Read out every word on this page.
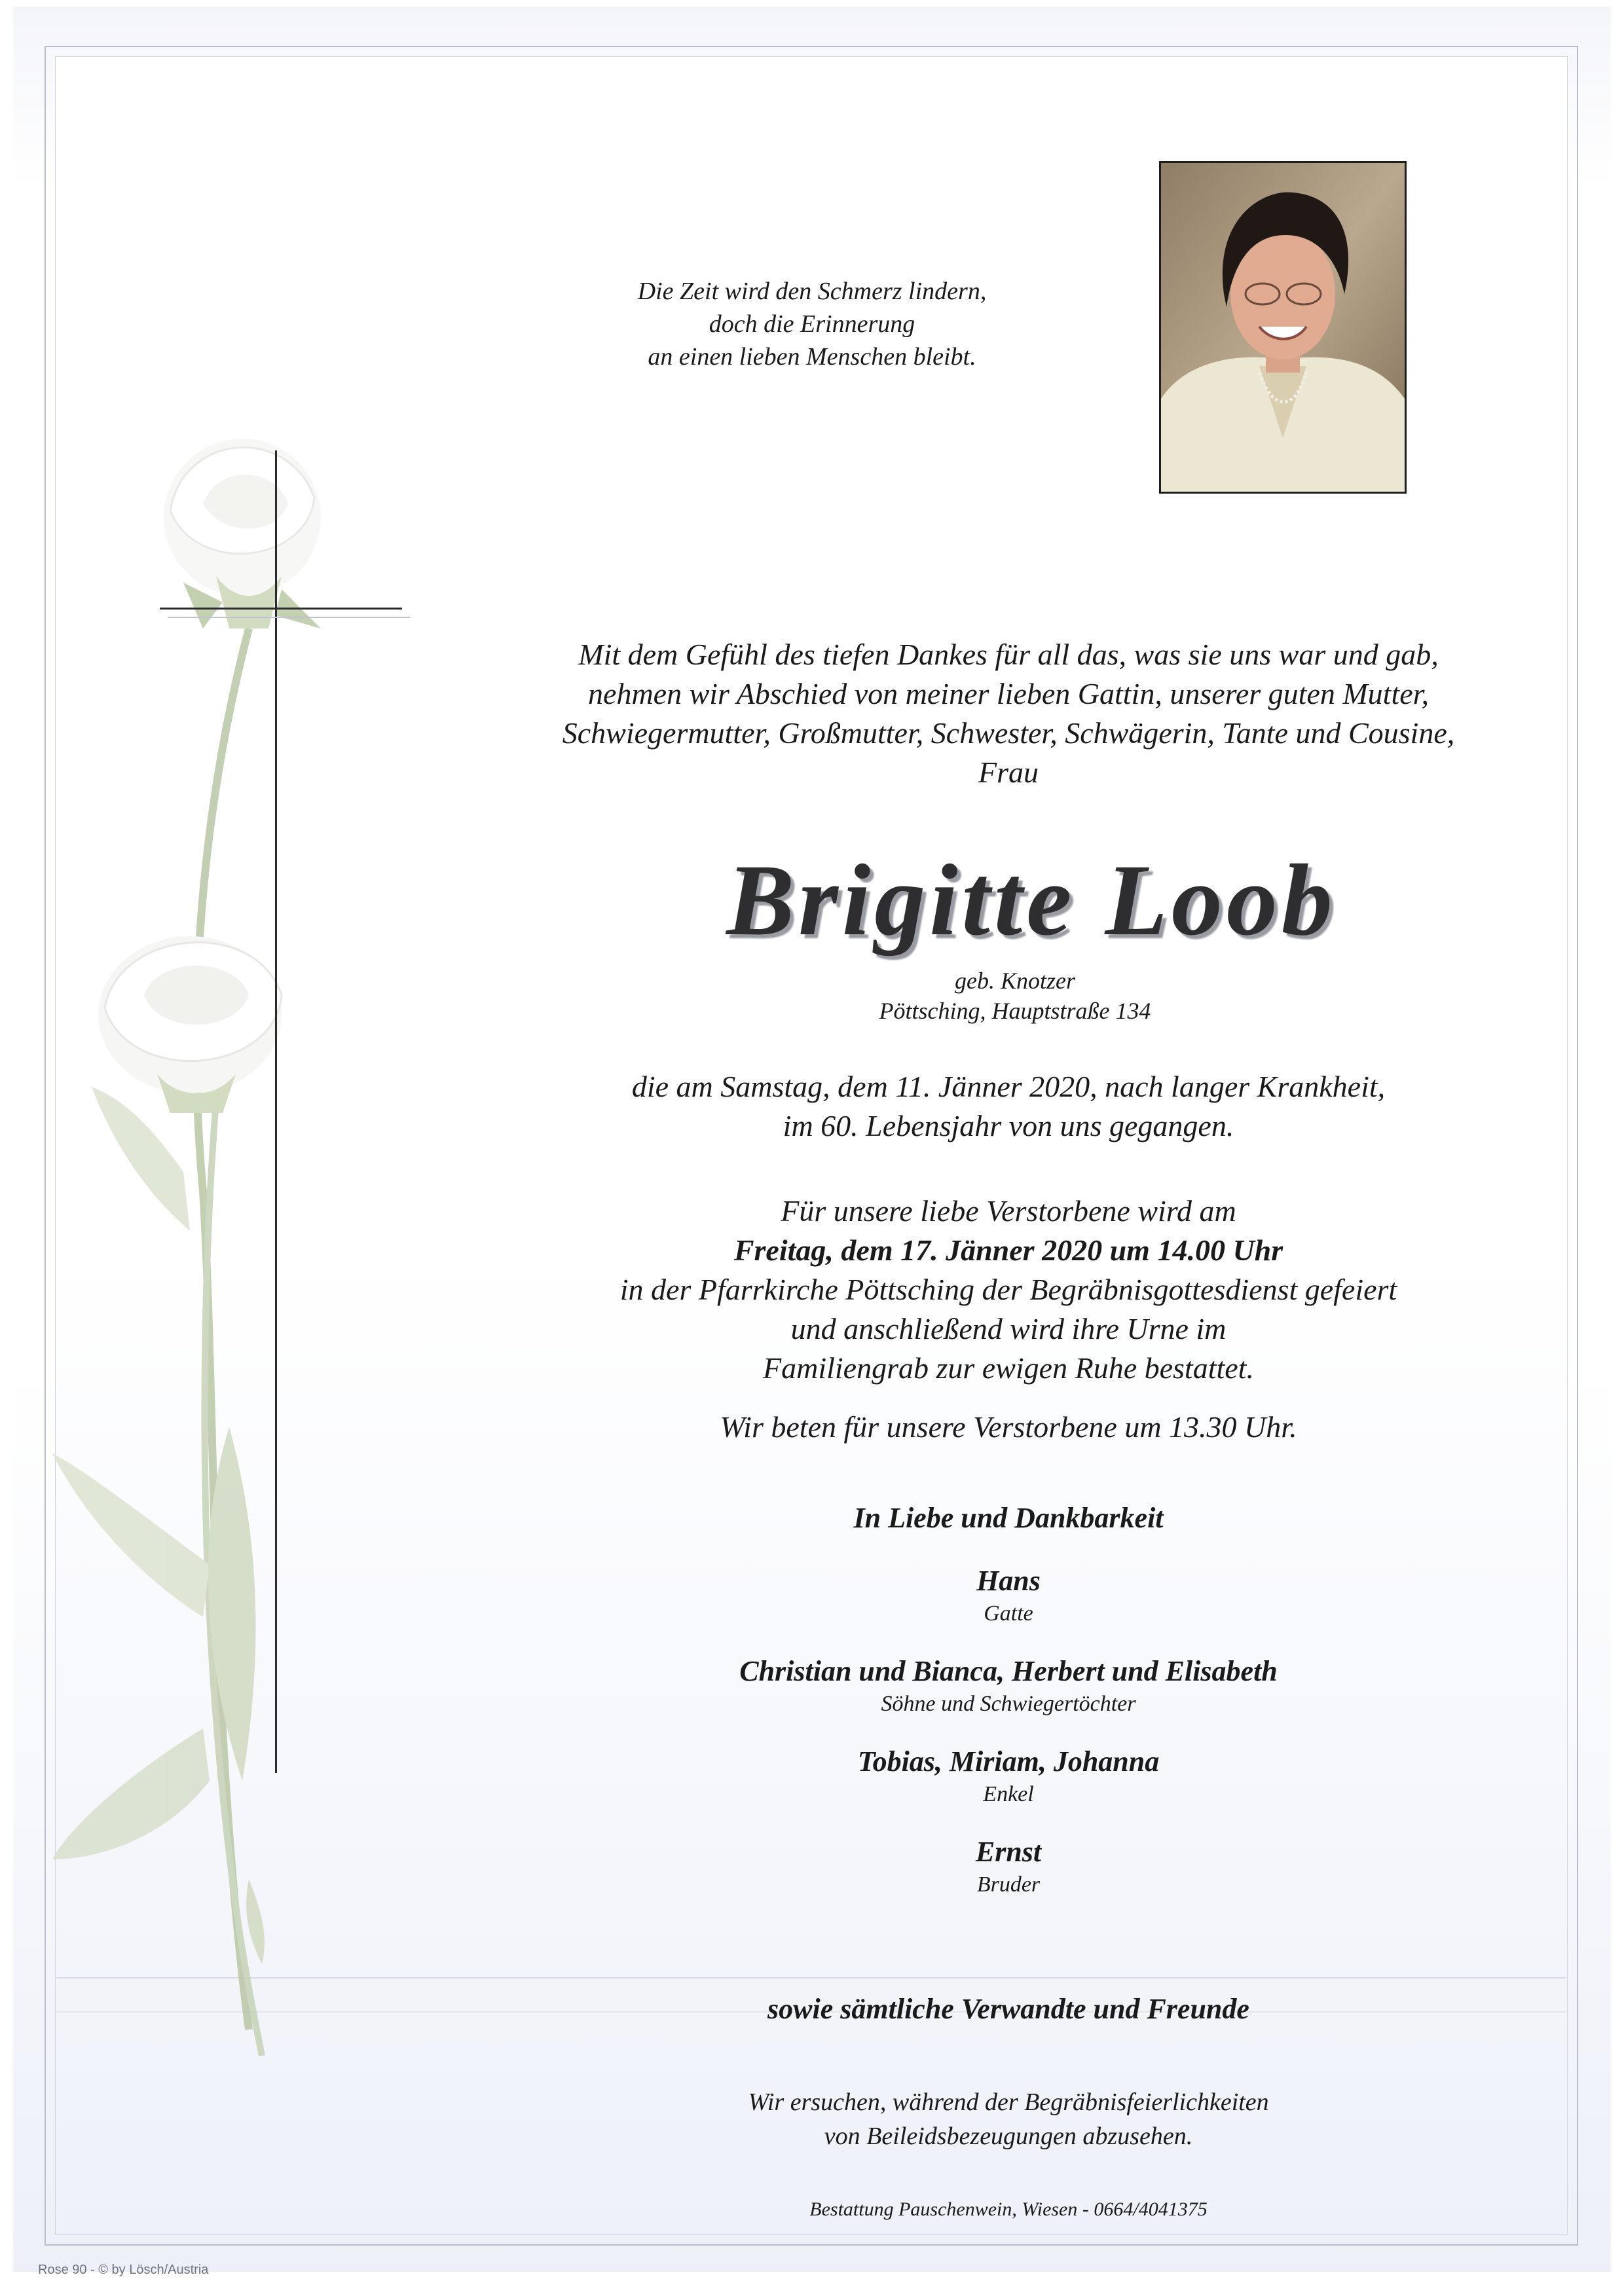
Die Zeit wird den Schmerz lindern,
doch die Erinnerung
an einen lieben Menschen bleibt.
Mit dem Gefühl des tiefen Dankes für all das, was sie uns war und gab,
nehmen wir Abschied von meiner lieben Gattin, unserer guten Mutter,
Schwiegermutter, Großmutter, Schwester, Schwägerin, Tante und Cousine,
Frau
Brigitte Loob
geb. Knotzer
Pöttsching, Hauptstraße 134
die am Samstag, dem 11. Jänner 2020, nach langer Krankheit,
im 60. Lebensjahr von uns gegangen.
Für unsere liebe Verstorbene wird am
Freitag, dem 17. Jänner 2020 um 14.00 Uhr
in der Pfarrkirche Pöttsching der Begräbnisgottesdienst gefeiert
und anschließend wird ihre Urne im
Familiengrab zur ewigen Ruhe bestattet.
Wir beten für unsere Verstorbene um 13.30 Uhr.
In Liebe und Dankbarkeit
Hans
Gatte
Christian und Bianca, Herbert und Elisabeth
Söhne und Schwiegertöchter
Tobias, Miriam, Johanna
Enkel
Ernst
Bruder
sowie sämtliche Verwandte und Freunde
Wir ersuchen, während der Begräbnisfeierlichkeiten
von Beileidsbezeugungen abzusehen.
Bestattung Pauschenwein, Wiesen - 0664/4041375
Rose 90 - © by Lösch/Austria
